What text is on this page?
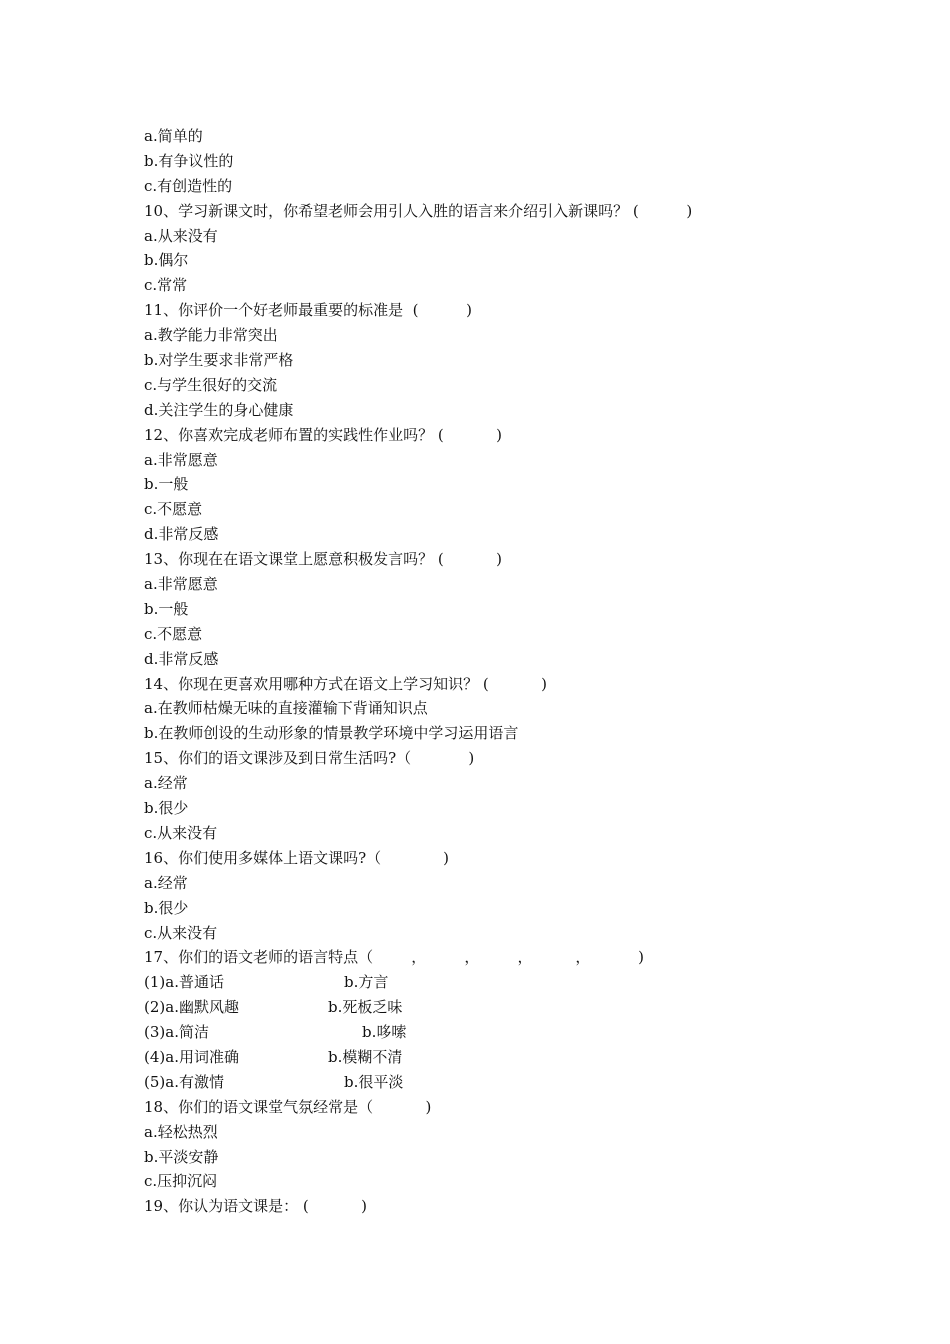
a.简单的
b.有争议性的
c.有创造性的
10、学习新课文时，你希望老师会用引人入胜的语言来介绍引入新课吗？ (          )
a.从来没有
b.偶尔
c.常常
11、你评价一个好老师最重要的标准是  (          )
a.教学能力非常突出
b.对学生要求非常严格
c.与学生很好的交流
d.关注学生的身心健康
12、你喜欢完成老师布置的实践性作业吗？ (           )
a.非常愿意
b.一般
c.不愿意
d.非常反感
13、你现在在语文课堂上愿意积极发言吗？ (           )
a.非常愿意
b.一般
c.不愿意
d.非常反感
14、你现在更喜欢用哪种方式在语文上学习知识？ (           )
a.在教师枯燥无味的直接灌输下背诵知识点
b.在教师创设的生动形象的情景教学环境中学习运用语言
15、你们的语文课涉及到日常生活吗?（            )
a.经常
b.很少
c.从来没有
16、你们使用多媒体上语文课吗?（             )
a.经常
b.很少
c.从来没有
17、你们的语文老师的语言特点（        ，        ，        ，         ，          )
(1)a.普通话	b.方言
(2)a.幽默风趣	b.死板乏味
(3)a.简洁	b.哆嗦
(4)a.用词准确	b.模糊不清
(5)a.有激情	b.很平淡
18、你们的语文课堂气氛经常是（           )
a.轻松热烈
b.平淡安静
c.压抑沉闷
19、你认为语文课是： (           )
